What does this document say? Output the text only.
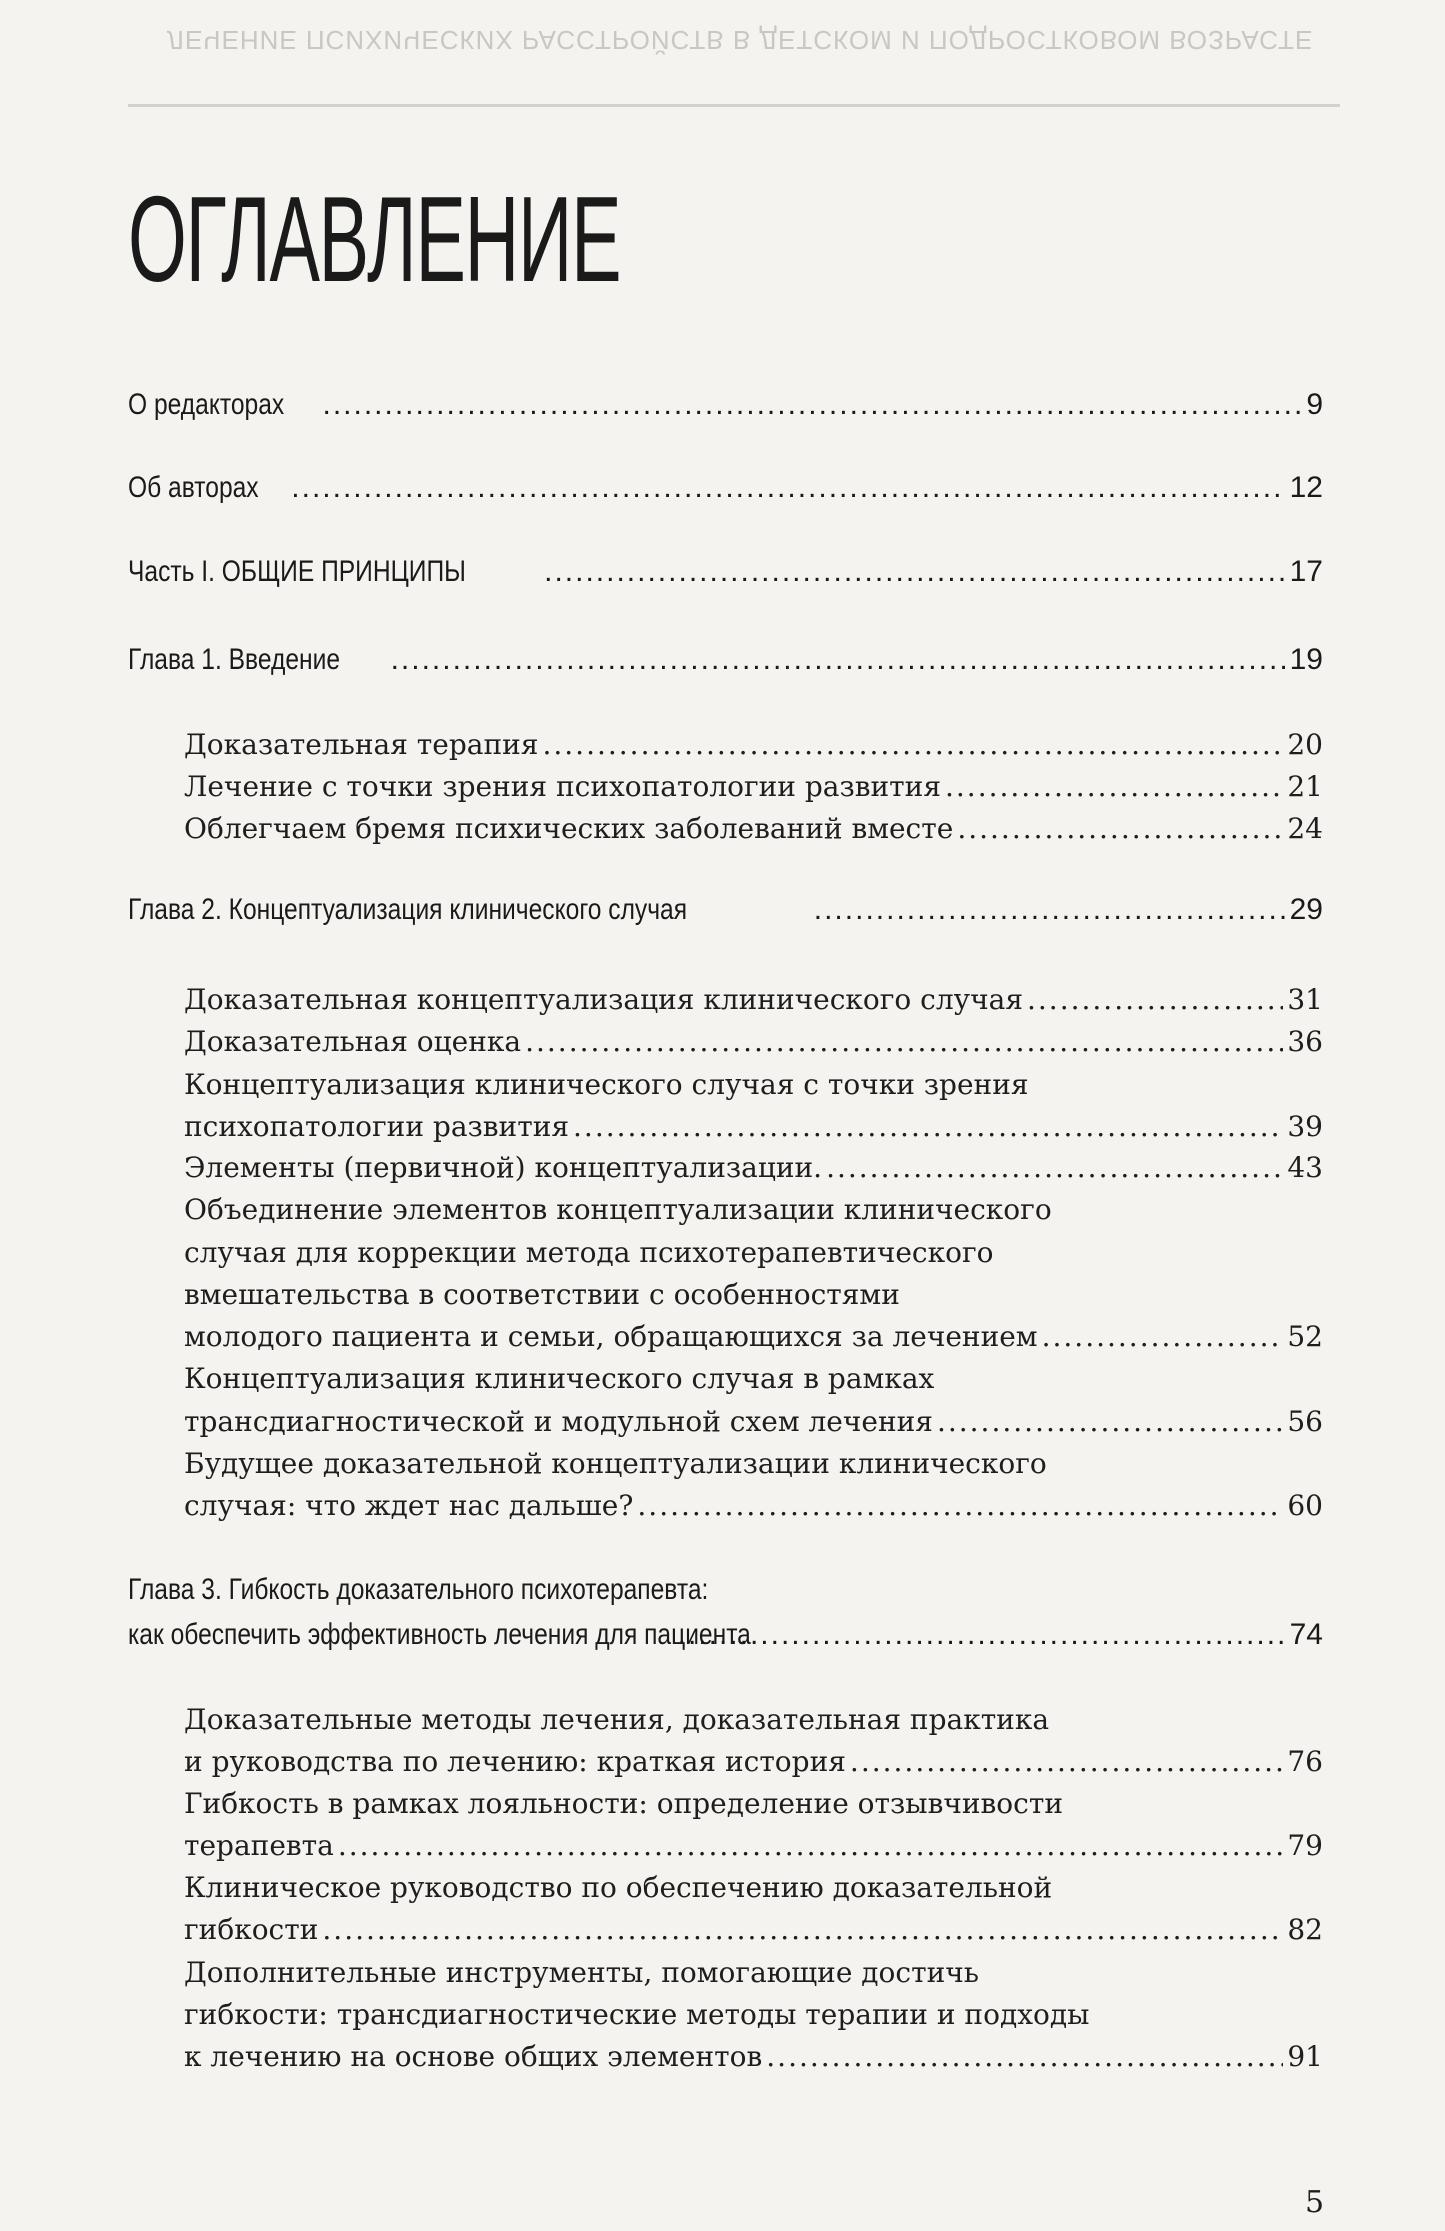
ЛЕЧЕНИЕ ПСИХИЧЕСКИХ РАССТРОЙСТВ В ДЕТСКОМ И ПОДРОСТКОВОМ ВОЗРАСТЕ
ОГЛАВЛЕНИЕ
О редакторах .....	9
Об авторах .....	12
Часть I. ОБЩИЕ ПРИНЦИПЫ .....	17
Глава 1. Введение .....	19
Доказательная терапия .....	20
Лечение с точки зрения психопатологии развития .....	21
Облегчаем бремя психических заболеваний вместе .....	24
Глава 2. Концептуализация клинического случая .....	29
Доказательная концептуализация клинического случая .....	31
Доказательная оценка .....	36
Концептуализация клинического случая с точки зрения
психопатологии развития .....	39
Элементы (первичной) концептуализации. .....	43
Объединение элементов концептуализации клинического
случая для коррекции метода психотерапевтического
вмешательства в соответствии с особенностями
молодого пациента и семьи, обращающихся за лечением .....	52
Концептуализация клинического случая в рамках
трансдиагностической и модульной схем лечения .....	56
Будущее доказательной концептуализации клинического
случая: что ждет нас дальше? .....	60
Глава 3. Гибкость доказательного психотерапевта:
как обеспечить эффективность лечения для пациента .....	74
Доказательные методы лечения, доказательная практика
и руководства по лечению: краткая история .....	76
Гибкость в рамках лояльности: определение отзывчивости
терапевта .....	79
Клиническое руководство по обеспечению доказательной
гибкости .....	82
Дополнительные инструменты, помогающие достичь
гибкости: трансдиагностические методы терапии и подходы
к лечению на основе общих элементов .....	91
5
